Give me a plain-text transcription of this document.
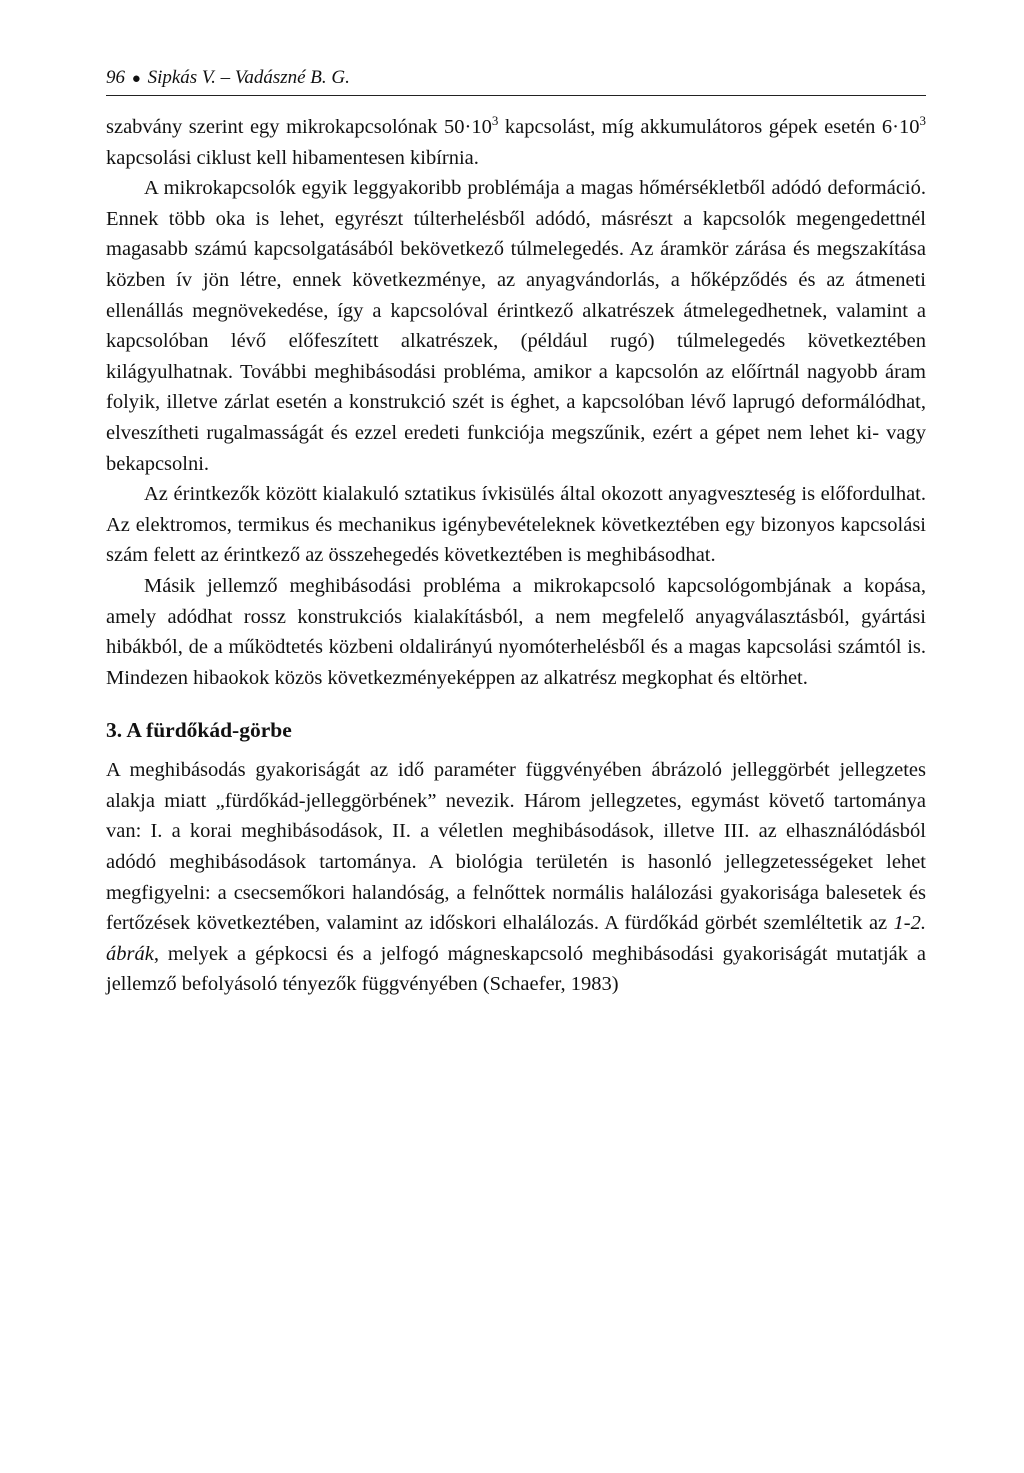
96 ● Sipkás V. – Vadászné B. G.

szabvány szerint egy mikrokapcsolónak $50\cdot 10^3$ kapcsolást, míg akkumulátoros gépek esetén $6\cdot 10^3$ kapcsolási ciklust kell hibamentesen kibírnia.

A mikrokapcsolók egyik leggyakoribb problémája a magas hőmérsékletből adódó deformáció. Ennek több oka is lehet, egyrészt túlterhelésből adódó, másrészt a kapcsolók megengedettnél magasabb számú kapcsolgatásából bekövetkező túlmelegedés. Az áramkör zárása és megszakítása közben ív jön létre, ennek következménye, az anyagvándorlás, a hőképződés és az átmeneti ellenállás megnövekedése, így a kapcsolóval érintkező alkatrészek átmelegedhetnek, valamint a kapcsolóban lévő előfeszített alkatrészek, (például rugó) túlmelegedés következtében kilágyulhatnak. További meghibásodási probléma, amikor a kapcsolón az előírtnál nagyobb áram folyik, illetve zárlat esetén a konstrukció szét is éghet, a kapcsolóban lévő laprugó deformálódhat, elveszítheti rugalmasságát és ezzel eredeti funkciója megszűnik, ezért a gépet nem lehet ki- vagy bekapcsolni.

Az érintkezők között kialakuló sztatikus ívkisülés által okozott anyagveszteség is előfordulhat. Az elektromos, termikus és mechanikus igénybevételeknek következtében egy bizonyos kapcsolási szám felett az érintkező az összehegedés következtében is meghibásodhat.

Másik jellemző meghibásodási probléma a mikrokapcsoló kapcsológombjának a kopása, amely adódhat rossz konstrukciós kialakításból, a nem megfelelő anyagválasztásból, gyártási hibákból, de a működtetés közbeni oldalirányú nyomóterhelésből és a magas kapcsolási számtól is. Mindezen hibaokok közös következményeképpen az alkatrész megkophat és eltörhet.

3. A fürdőkád-görbe

A meghibásodás gyakoriságát az idő paraméter függvényében ábrázoló jelleggörbét jellegzetes alakja miatt „fürdőkád-jelleggörbének” nevezik. Három jellegzetes, egymást követő tartománya van: I. a korai meghibásodások, II. a véletlen meghibásodások, illetve III. az elhasználódásból adódó meghibásodások tartománya. A biológia területén is hasonló jellegzetességeket lehet megfigyelni: a csecsemőkori halandóság, a felnőttek normális halálozási gyakorisága balesetek és fertőzések következtében, valamint az időskori elhalálozás. A fürdőkád görbét szemléltetik az 1-2. ábrák, melyek a gépkocsi és a jelfogó mágneskapcsoló meghibásodási gyakoriságát mutatják a jellemző befolyásoló tényezők függvényében (Schaefer, 1983)
